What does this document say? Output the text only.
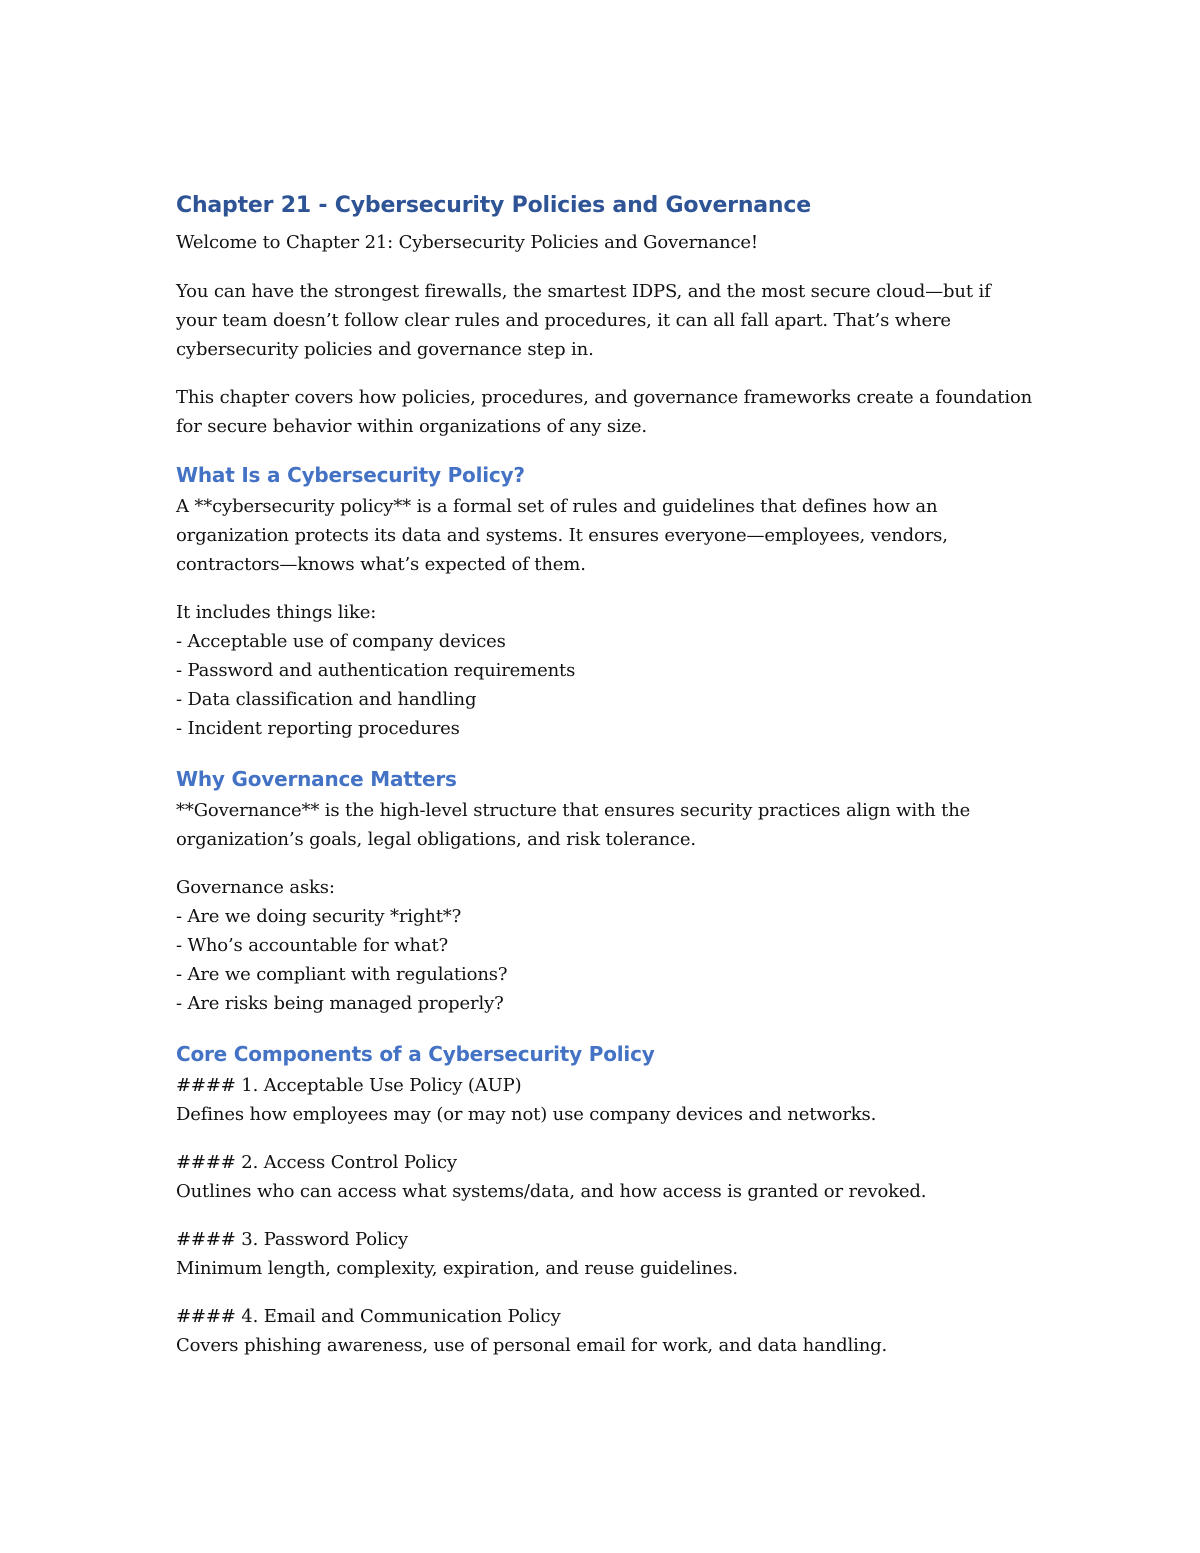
Chapter 21 - Cybersecurity Policies and Governance

Welcome to Chapter 21: Cybersecurity Policies and Governance!

You can have the strongest firewalls, the smartest IDPS, and the most secure cloud—but if your team doesn’t follow clear rules and procedures, it can all fall apart. That’s where cybersecurity policies and governance step in.

This chapter covers how policies, procedures, and governance frameworks create a foundation for secure behavior within organizations of any size.

What Is a Cybersecurity Policy?

A **cybersecurity policy** is a formal set of rules and guidelines that defines how an organization protects its data and systems. It ensures everyone—employees, vendors, contractors—knows what’s expected of them.

It includes things like:

- Acceptable use of company devices
- Password and authentication requirements
- Data classification and handling
- Incident reporting procedures
Why Governance Matters

**Governance** is the high-level structure that ensures security practices align with the organization’s goals, legal obligations, and risk tolerance.

Governance asks:

- Are we doing security *right*?
- Who’s accountable for what?
- Are we compliant with regulations?
- Are risks being managed properly?
Core Components of a Cybersecurity Policy

#### 1. Acceptable Use Policy (AUP)

Defines how employees may (or may not) use company devices and networks.

#### 2. Access Control Policy

Outlines who can access what systems/data, and how access is granted or revoked.

#### 3. Password Policy

Minimum length, complexity, expiration, and reuse guidelines.

#### 4. Email and Communication Policy

Covers phishing awareness, use of personal email for work, and data handling.
